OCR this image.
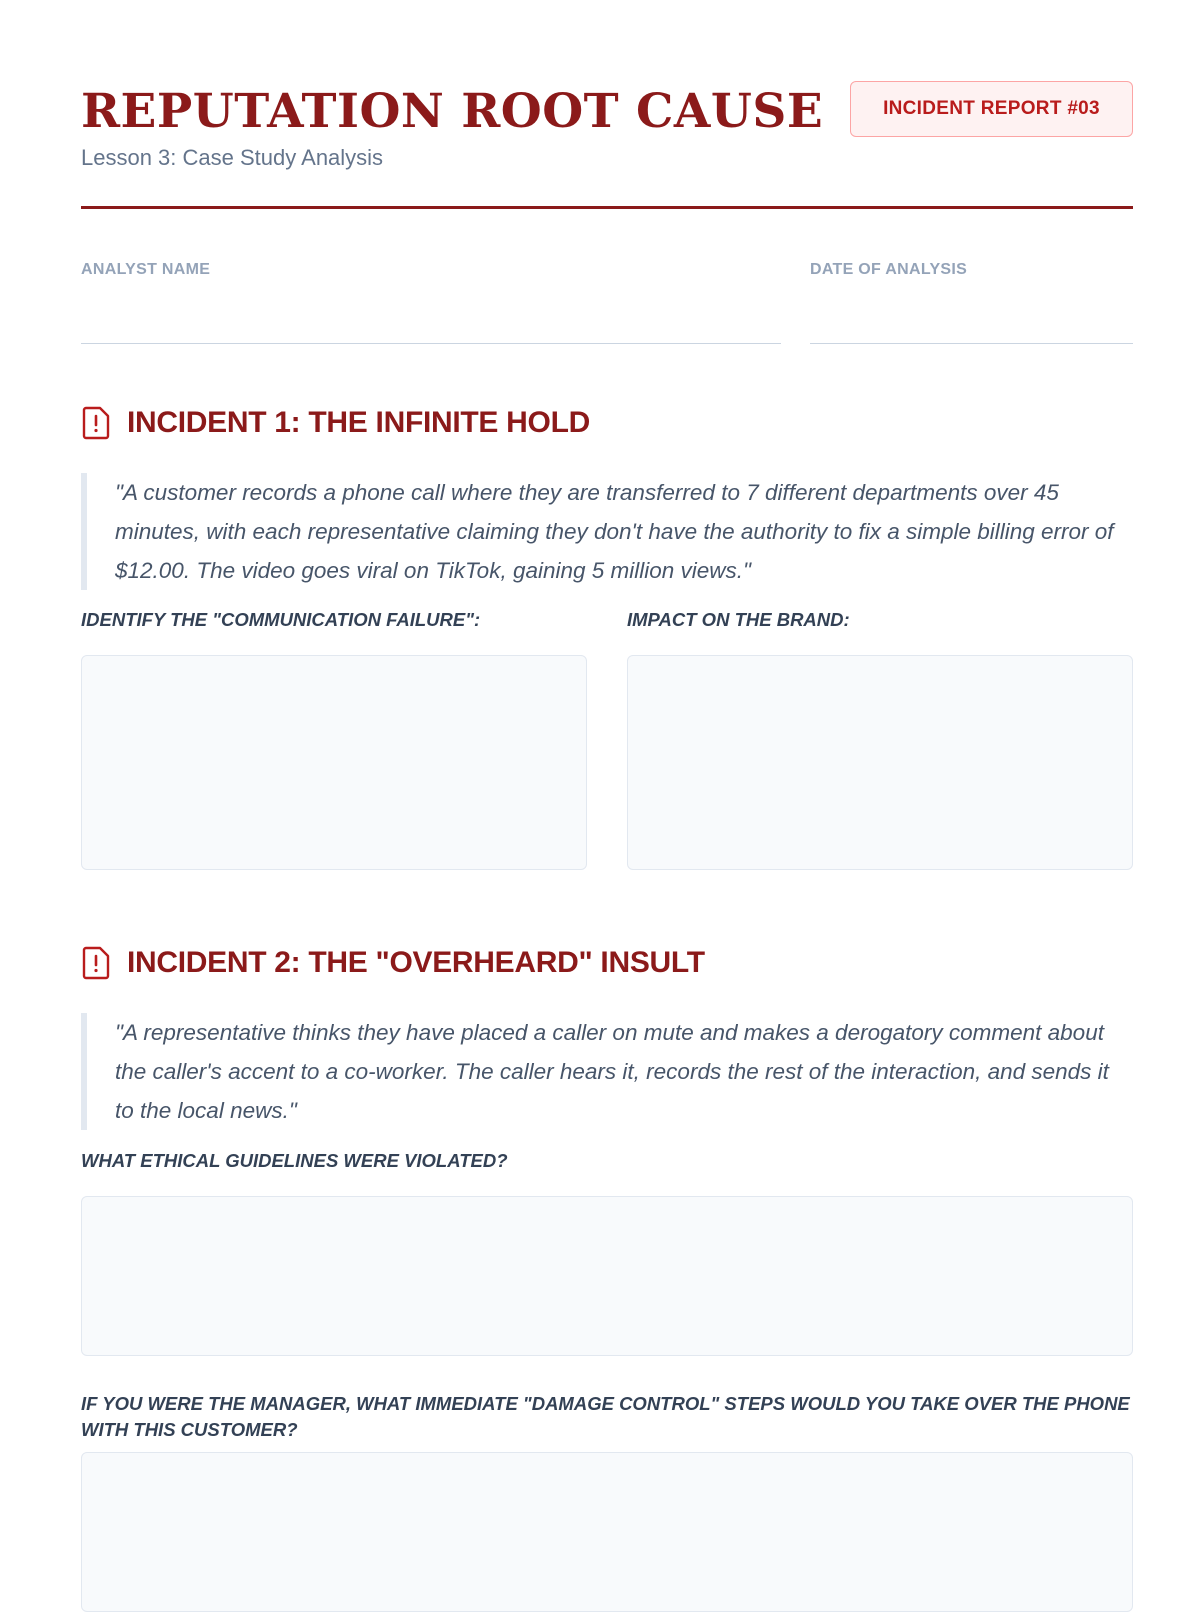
REPUTATION ROOT CAUSE
Lesson 3: Case Study Analysis
INCIDENT REPORT #03
ANALYST NAME	DATE OF ANALYSIS
INCIDENT 1: THE INFINITE HOLD
"A customer records a phone call where they are transferred to 7 different departments over 45 minutes, with each representative claiming they don't have the authority to fix a simple billing error of $12.00. The video goes viral on TikTok, gaining 5 million views."
IDENTIFY THE "COMMUNICATION FAILURE":	IMPACT ON THE BRAND:
INCIDENT 2: THE "OVERHEARD" INSULT
"A representative thinks they have placed a caller on mute and makes a derogatory comment about the caller's accent to a co-worker. The caller hears it, records the rest of the interaction, and sends it to the local news."
WHAT ETHICAL GUIDELINES WERE VIOLATED?
IF YOU WERE THE MANAGER, WHAT IMMEDIATE "DAMAGE CONTROL" STEPS WOULD YOU TAKE OVER THE PHONE WITH THIS CUSTOMER?
